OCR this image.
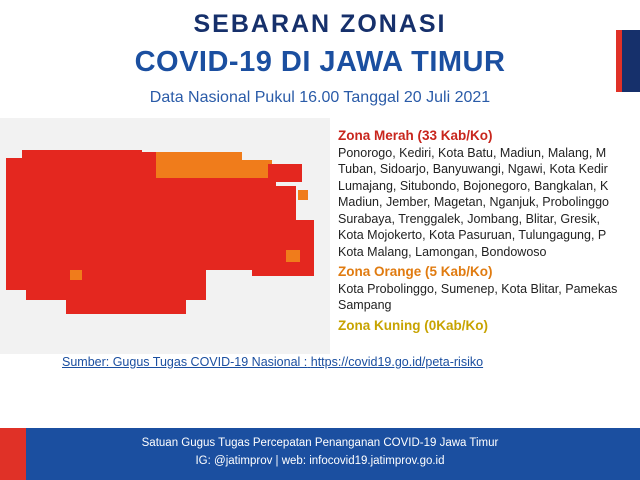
SEBARAN ZONASI
COVID-19 DI JAWA TIMUR
Data Nasional Pukul 16.00 Tanggal 20 Juli 2021
Zona Merah (33 Kab/Ko)
Ponorogo, Kediri, Kota Batu, Madiun, Malang, M
Tuban, Sidoarjo, Banyuwangi, Ngawi, Kota Kedir
Lumajang, Situbondo, Bojonegoro, Bangkalan, K
Madiun, Jember, Magetan, Nganjuk, Probolinggo
Surabaya, Trenggalek, Jombang, Blitar, Gresik,
Kota Mojokerto, Kota Pasuruan, Tulungagung, P
Kota Malang, Lamongan, Bondowoso
Zona Orange (5 Kab/Ko)
Kota Probolinggo, Sumenep, Kota Blitar, Pamekas
Sampang
Zona Kuning (0Kab/Ko)
Sumber: Gugus Tugas COVID-19 Nasional : https://covid19.go.id/peta-risiko
Satuan Gugus Tugas Percepatan Penanganan COVID-19 Jawa Timur
IG: @jatimprov | web: infocovid19.jatimprov.go.id
